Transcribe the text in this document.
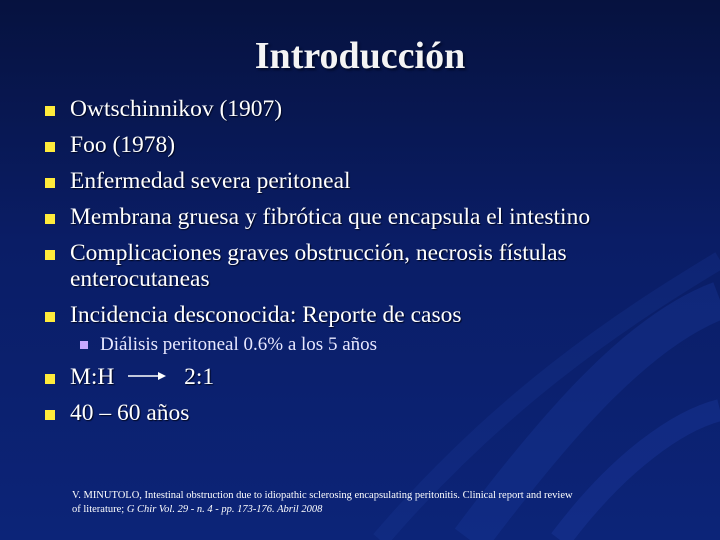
Introducción
Owtschinnikov (1907)
Foo (1978)
Enfermedad severa peritoneal
Membrana gruesa y fibrótica que encapsula el intestino
Complicaciones graves obstrucción, necrosis fístulas enterocutaneas
Incidencia desconocida: Reporte de casos
Diálisis peritoneal 0.6% a los 5 años
M:H	2:1
40 – 60 años
V. MINUTOLO, Intestinal obstruction due to idiopathic sclerosing encapsulating peritonitis. Clinical report and review
of literature; G Chir Vol. 29 - n. 4 - pp. 173-176. Abril 2008
